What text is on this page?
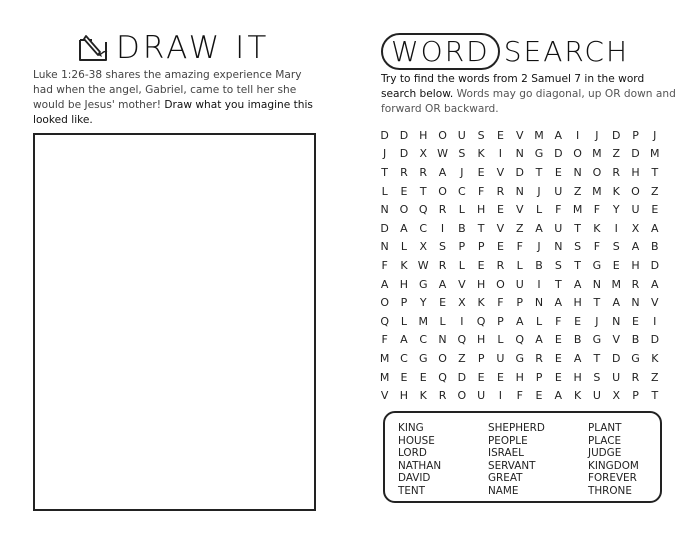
DRAW IT
Luke 1:26-38 shares the amazing experience Mary had when the angel, Gabriel, came to tell her she would be Jesus' mother! Draw what you imagine this looked like.
WORD SEARCH
Try to find the words from 2 Samuel 7 in the word search below. Words may go diagonal, up OR down and forward OR backward.
D D H O U	S	E	V M A	I	J	D	P	J
J	D	X W S	K	I	N G D O M Z	D M
T	R	R	A	J	E	V	D	T	E	N O	R	H	T
L	E	T	O	C	F	R	N	J	U	Z M K	O	Z
N O Q	R	L	H	E	V	L	F	M	F	Y	U	E
D	A	C	I	B	T	V	Z	A	U	T	K	I	X	A
N	L	X	S	P	P	E	F	J	N	S	F	S	A	B
F	K W R	L	E	R	L	B	S	T	G	E	H D
A	H G	A	V	H O U	I	T	A	N M R	A
O	P	Y	E	X	K	F	P	N	A	H	T	A	N	V
Q	L	M	L	I	Q	P	A	L	F	E	J	N	E	I
F	A	C	N Q H	L	Q	A	E	B	G	V	B	D
M C	G O	Z	P	U	G	R	E	A	T	D G	K
M	E	E	Q D	E	E	H	P	E	H	S	U	R	Z
V	H	K	R	O U	I	F	E	A	K	U	X	P	T
KING
HOUSE
LORD
NATHAN
DAVID
TENT
SHEPHERD
PEOPLE
ISRAEL
SERVANT
GREAT
NAME
PLANT
PLACE
JUDGE
KINGDOM
FOREVER
THRONE
